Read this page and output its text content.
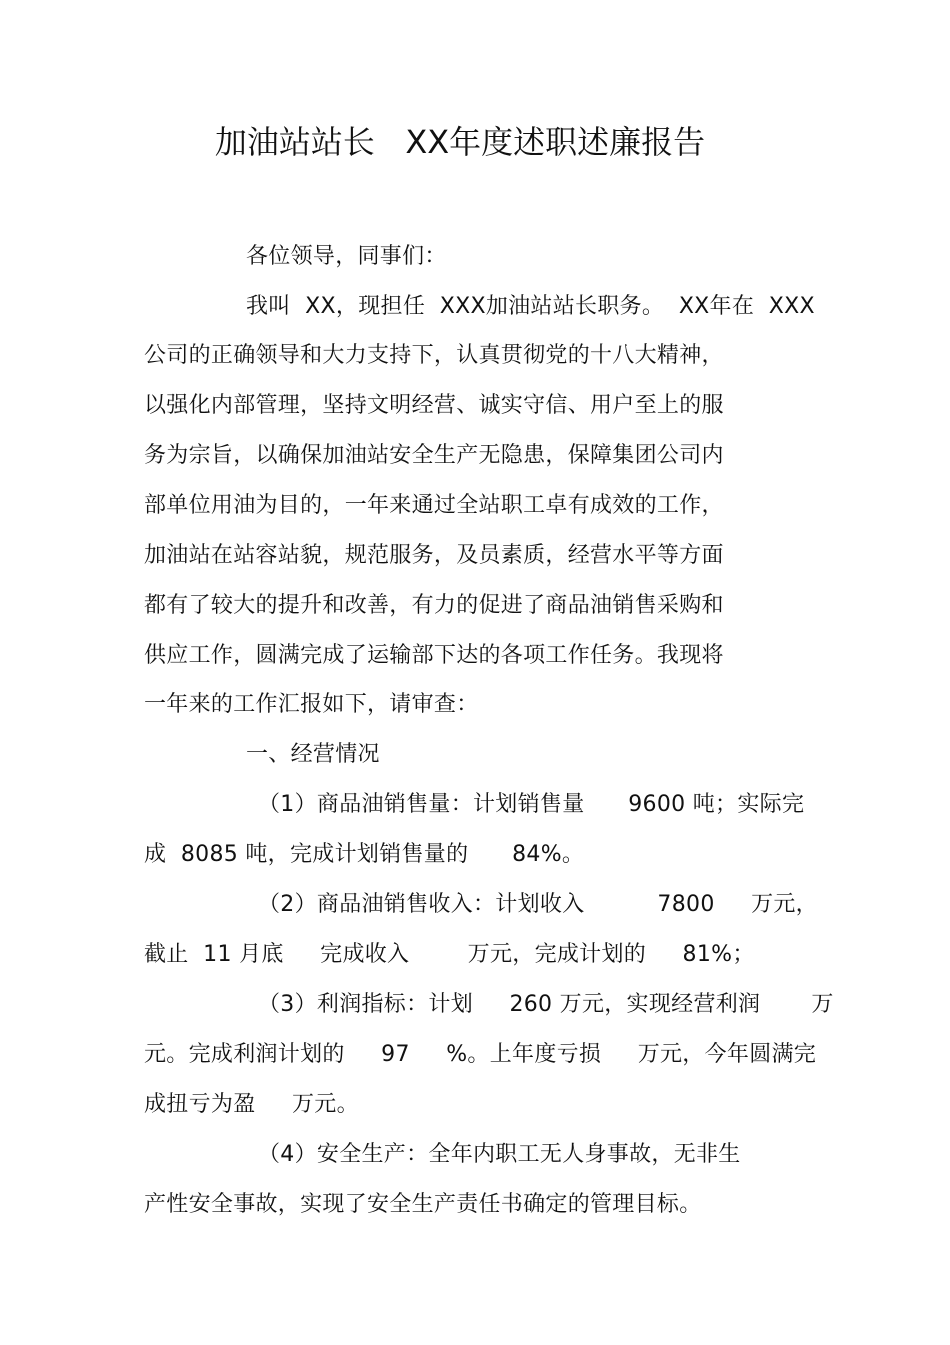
加油站站长   XX年度述职述廉报告
各位领导，同事们：
我叫  XX，现担任  XXX加油站站长职务。  XX年在  XXX
公司的正确领导和大力支持下，认真贯彻党的十八大精神，
以强化内部管理，坚持文明经营、诚实守信、用户至上的服
务为宗旨，以确保加油站安全生产无隐患，保障集团公司内
部单位用油为目的，一年来通过全站职工卓有成效的工作，
加油站在站容站貌，规范服务，及员素质，经营水平等方面
都有了较大的提升和改善，有力的促进了商品油销售采购和
供应工作，圆满完成了运输部下达的各项工作任务。我现将
一年来的工作汇报如下，请审查：
一、经营情况
（1）商品油销售量：计划销售量      9600 吨；实际完
成  8085 吨，完成计划销售量的      84%。
（2）商品油销售收入：计划收入          7800     万元，
截止  11 月底     完成收入        万元，完成计划的     81%；
（3）利润指标：计划     260 万元，实现经营利润       万
元。完成利润计划的     97     %。上年度亏损     万元，今年圆满完
成扭亏为盈     万元。
（4）安全生产：全年内职工无人身事故，无非生
产性安全事故，实现了安全生产责任书确定的管理目标。
